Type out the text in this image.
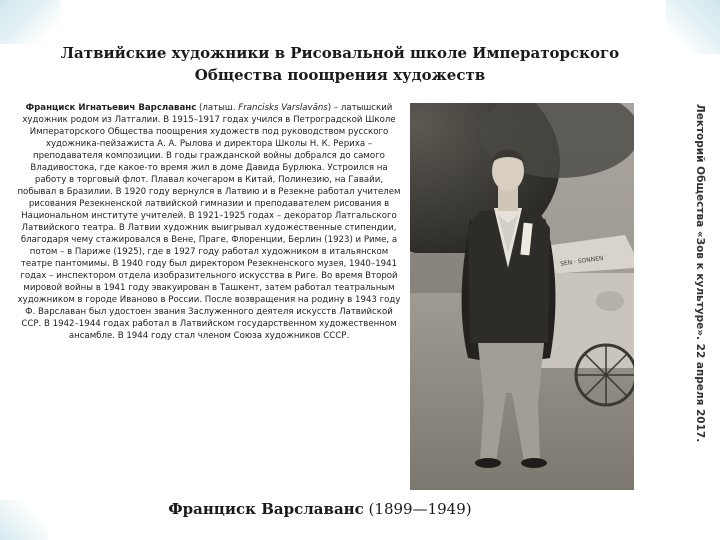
Латвийские художники в Рисовальной школе Императорского
Общества поощрения художеств
Франциск Игнатьевич Варславанс (латыш. Francisks Varslavāns) – латышский художник родом из Латгалии. В 1915–1917 годах учился в Петроградской Школе Императорского Общества поощрения художеств под руководством русского художника-пейзажиста А. А. Рылова и директора Школы Н. К. Рериха – преподавателя композиции. В годы гражданской войны добрался до самого Владивостока, где какое-то время жил в доме Давида Бурлюка. Устроился на работу в торговый флот. Плавал кочегаром в Китай, Полинезию, на Гавайи, побывал в Бразилии. В 1920 году вернулся в Латвию и в Резекне работал учителем рисования Резекненской латвийской гимназии и преподавателем рисования в Национальном институте учителей. В 1921–1925 годах – декоратор Латгальского Латвийского театра. В Латвии художник выигрывал художественные стипендии, благодаря чему стажировался в Вене, Праге, Флоренции, Берлин (1923) и Риме, а потом – в Париже (1925), где в 1927 году работал художником в итальянском театре пантомимы. В 1940 году был директором Резекненского музея, 1940–1941 годах – инспектором отдела изобразительного искусства в Риге. Во время Второй мировой войны в 1941 году эвакуирован в Ташкент, затем работал театральным художником в городе Иваново в России. После возвращения на родину в 1943 году Ф. Варславан был удостоен звания Заслуженного деятеля искусств Латвийской ССР. В 1942–1944 годах работал в Латвийском государственном художественном ансамбле. В 1944 году стал членом Союза художников СССР.
SEN · SONNEN
Франциск Варславанс (1899—1949)
Лекторий Общества «Зов к культуре». 22 апреля 2017.
